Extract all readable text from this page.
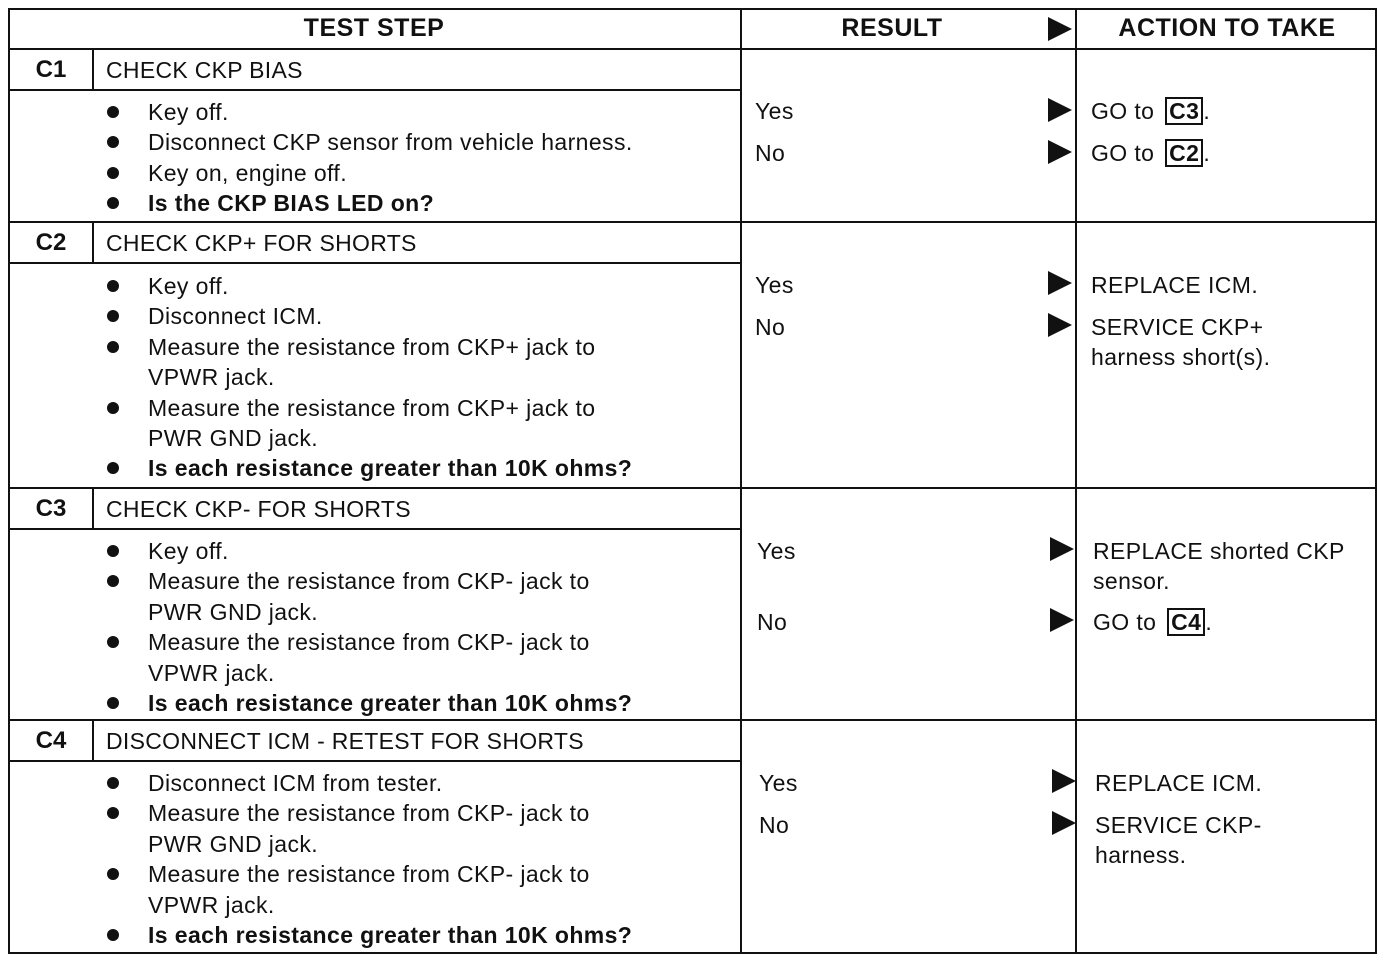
TEST STEP	RESULT	ACTION TO TAKE
C1	CHECK CKP BIAS
Key off.
Disconnect CKP sensor from vehicle harness.
Key on, engine off.
Is the CKP BIAS LED on?
Yes	GO to C3 .
No	GO to C2 .
C2	CHECK CKP+ FOR SHORTS
Key off.
Disconnect ICM.
Measure the resistance from CKP+ jack to
VPWR jack.
Measure the resistance from CKP+ jack to
PWR GND jack.
Is each resistance greater than 10K ohms?
Yes	REPLACE ICM.
No	SERVICE CKP+
harness short(s).
C3	CHECK CKP- FOR SHORTS
Key off.
Measure the resistance from CKP- jack to
PWR GND jack.
Measure the resistance from CKP- jack to
VPWR jack.
Is each resistance greater than 10K ohms?
Yes	REPLACE shorted CKP
sensor.
No	GO to C4 .
C4	DISCONNECT ICM - RETEST FOR SHORTS
Disconnect ICM from tester.
Measure the resistance from CKP- jack to
PWR GND jack.
Measure the resistance from CKP- jack to
VPWR jack.
Is each resistance greater than 10K ohms?
Yes	REPLACE ICM.
No	SERVICE CKP-
harness.
